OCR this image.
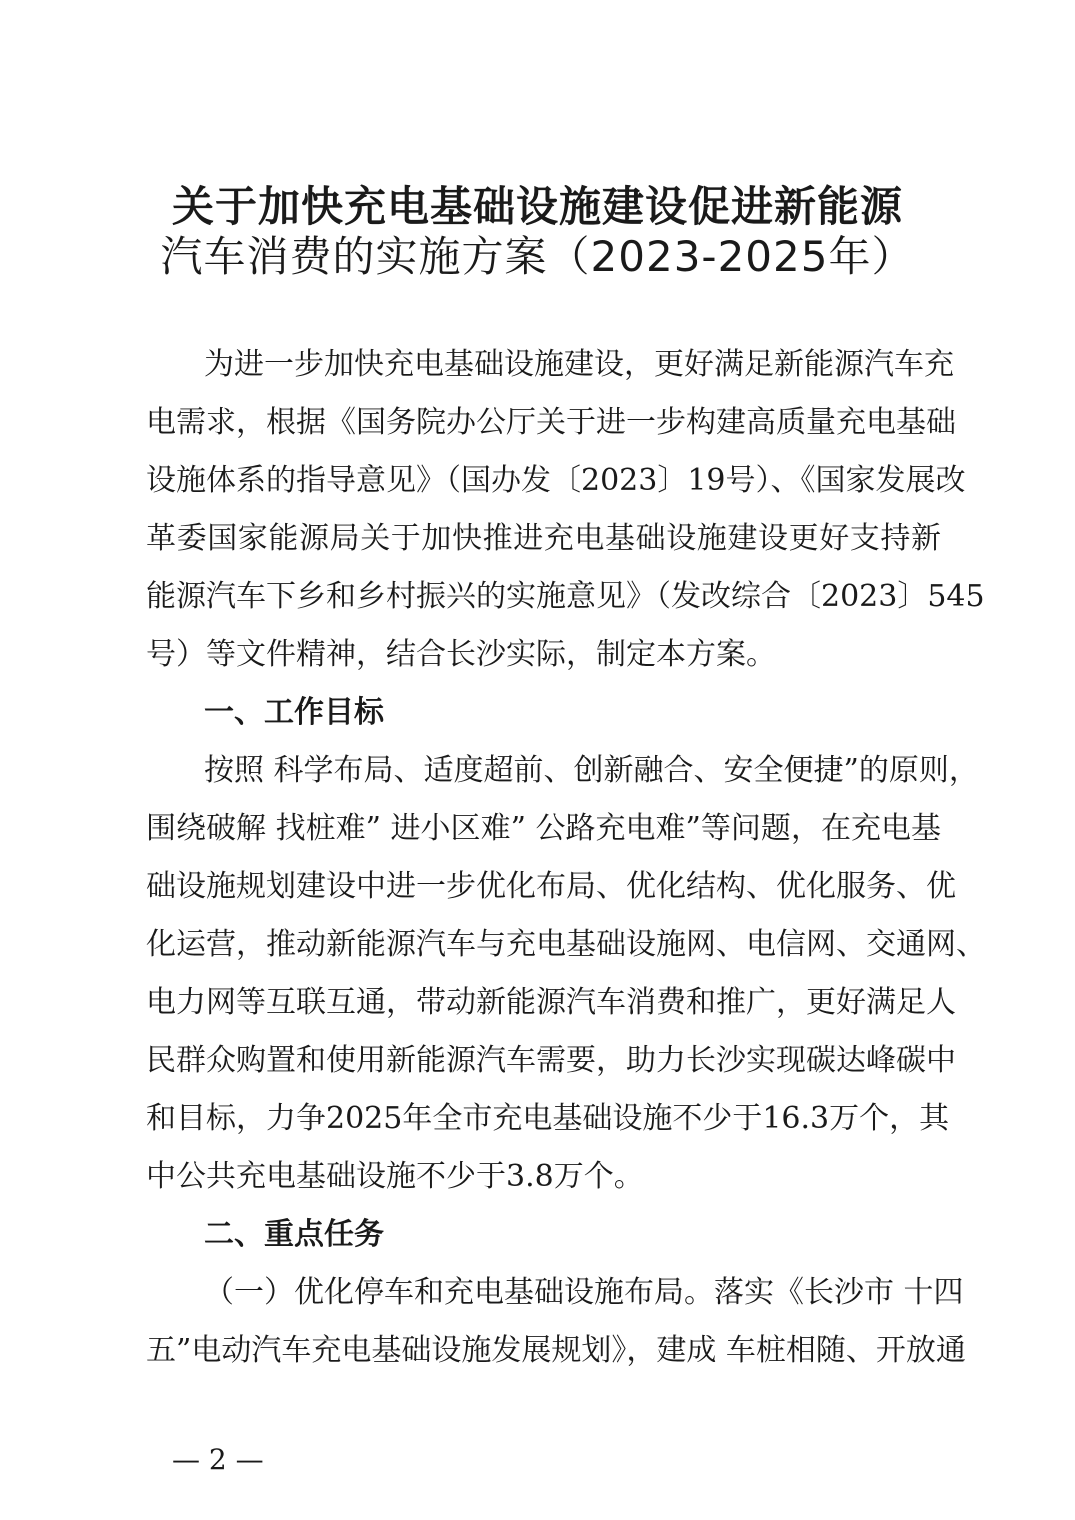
关于加快充电基础设施建设促进新能源
汽车消费的实施方案（2023-2025年）
为进一步加快充电基础设施建设，更好满足新能源汽车充
电需求，根据《国务院办公厅关于进一步构建高质量充电基础
设施体系的指导意见》（国办发〔2023〕19号）、《国家发展改
革委国家能源局关于加快推进充电基础设施建设更好支持新
能源汽车下乡和乡村振兴的实施意见》（发改综合〔2023〕545
号）等文件精神，结合长沙实际，制定本方案。
一、工作目标
按照 科学布局、适度超前、创新融合、安全便捷”的原则，
围绕破解 找桩难” 进小区难” 公路充电难”等问题，在充电基
础设施规划建设中进一步优化布局、优化结构、优化服务、优
化运营，推动新能源汽车与充电基础设施网、电信网、交通网、
电力网等互联互通，带动新能源汽车消费和推广，更好满足人
民群众购置和使用新能源汽车需要，助力长沙实现碳达峰碳中
和目标，力争2025年全市充电基础设施不少于16.3万个，其
中公共充电基础设施不少于3.8万个。
二、重点任务
（一）优化停车和充电基础设施布局。落实《长沙市 十四
五”电动汽车充电基础设施发展规划》，建成 车桩相随、开放通
— 2 —
